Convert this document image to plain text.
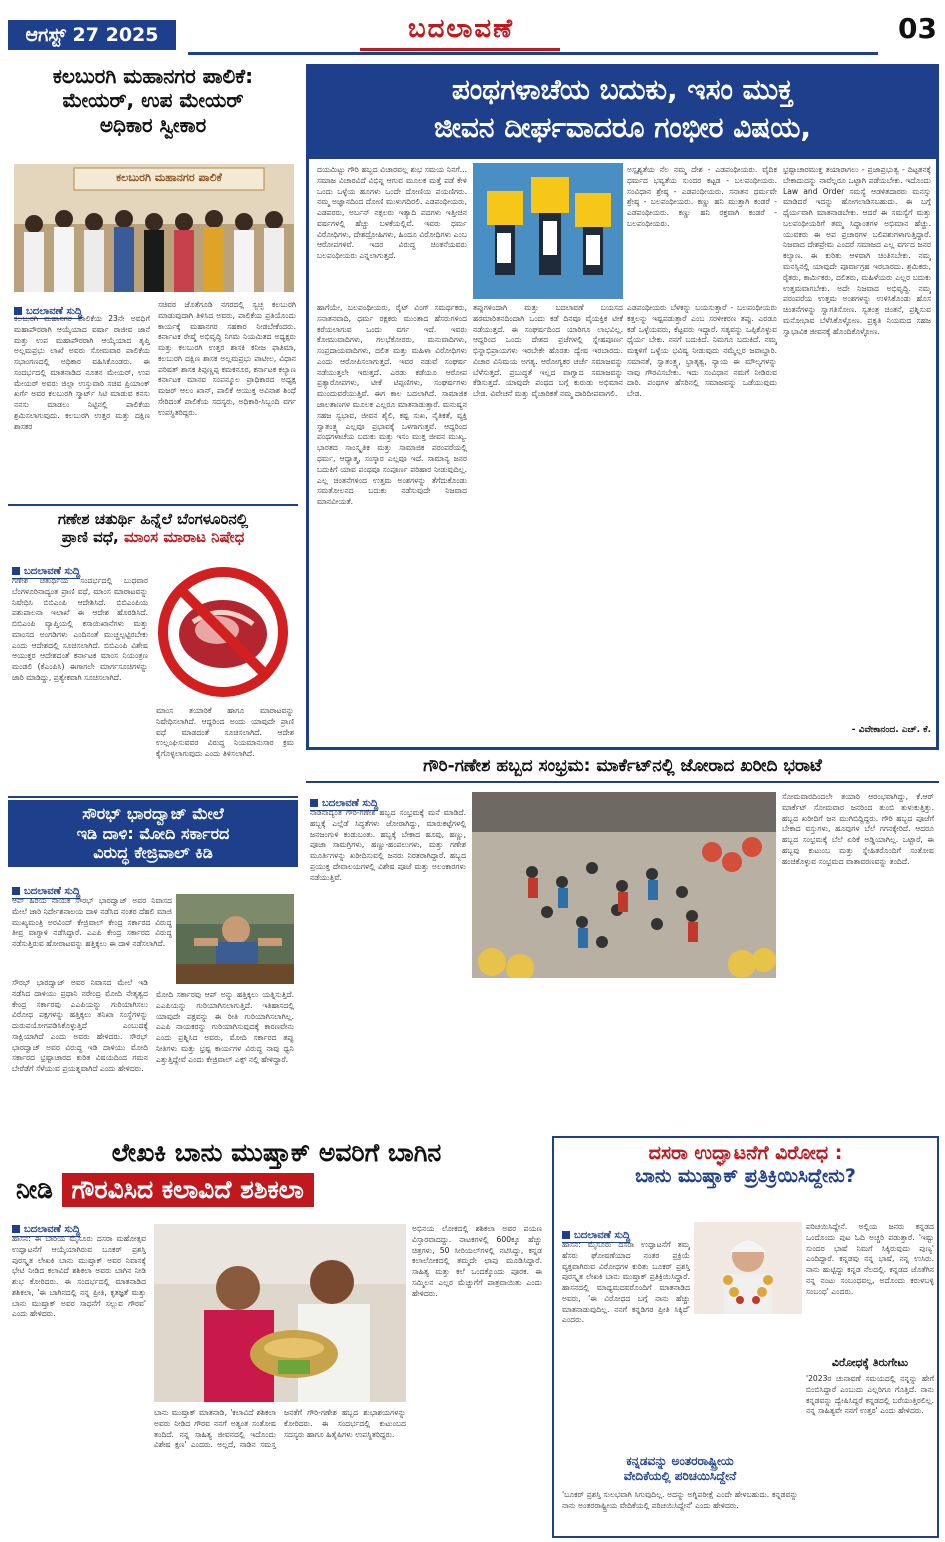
ಆಗಸ್ಟ್ 27 2025	ಬದಲಾವಣೆ	03
ಕಲಬುರಗಿ ಮಹಾನಗರ ಪಾಲಿಕೆ:
ಮೇಯರ್, ಉಪ ಮೇಯರ್
ಅಧಿಕಾರ ಸ್ವೀಕಾರ
ಕಲಬುರಗಿ ಮಹಾನಗರ ಪಾಲಿಕೆ
ಬದಲಾವಣೆ ಸುದ್ದಿ
ಕಲಬುರಗಿ ಮಹಾನಗರ ಪಾಲಿಕೆಯ 23ನೇ ಅವಧಿಗೆ ಮಹಾಪೌರರಾಗಿ ಆಯ್ಕೆಯಾದ ವರ್ಷಾ ರಾಜೀವ ಜಾನೆ ಮತ್ತು ಉಪ ಮಹಾಪೌರರಾಗಿ ಆಯ್ಕೆಯಾದ ತೃಪ್ತಿ ಅಲ್ಲಮಪ್ರಭು ಲಾಖೆ ಅವರು ಸೋಮವಾರ ಪಾಲಿಕೆಯ ಸಭಾಂಗಣದಲ್ಲಿ ಅಧಿಕಾರ ವಹಿಸಿಕೊಂಡರು. ಈ ಸಂದರ್ಭದಲ್ಲಿ ಮಾತನಾಡಿದ ನೂತನ ಮೇಯರ್, ಉಪ ಮೇಯರ್ ಅವರು ಜಿಲ್ಲಾ ಉಸ್ತುವಾರಿ ಸಚಿವ ಪ್ರಿಯಾಂಕ್ ಖರ್ಗೆ ಅವರ ಕಲಬುರಗಿ ಸ್ಮಾರ್ಟ್ ಸಿಟಿ ಮಾಡುವ ಕನಸು ನನಸು ಮಾಡಲು ನಿಟ್ಟಿನಲ್ಲಿ ಪಾಲಿಕೆಯ ಶ್ರಮಿಸಲಾಗುವುದು. ಕಲಬುರಗಿ ಉತ್ತರ ಮತ್ತು ದಕ್ಷಿಣ ಶಾಸಕರ
ಸಚಿವರ ಜೊತೆಗೂಡಿ ನಗರದಲ್ಲಿ ಸ್ವಚ್ಛ ಕಲಬುರಗಿ ಮಾಡುವುದಾಗಿ ತಿಳಿಸಿದ ಅವರು, ಪಾಲಿಕೆಯ ಪ್ರತಿಯೊಂದು ಕಾರ್ಯಕ್ಕೆ ಮಹಾನಗರ ಸಹಕಾರ ನೀಡಬೇಕೆಂದರು. ಕರ್ನಾಟಕ ರೇಷ್ಮೆ ಅಭಿವೃದ್ಧಿ ನಿಗಮ ನಿಯಮಿತದ ಅಧ್ಯಕ್ಷರು ಮತ್ತು ಕಲಬುರಗಿ ಉತ್ತರ ಶಾಸಕಿ ಕನೀಜ ಫಾತಿಮಾ, ಕಲಬುರಗಿ ದಕ್ಷಿಣ ಶಾಸಕ ಅಲ್ಲಮಪ್ರಭು ಪಾಟೀಲ, ವಿಧಾನ ಪರಿಷತ್ ಶಾಸಕ ತಿಪ್ಪಣ್ಣಪ್ಪ ಕಮಕನೂರ, ಕರ್ನಾಟಕ ಕಲ್ಯಾಣ ಕರ್ನಾಟಕ ಮಾನವ ಸಂಪನ್ಮೂಲ ಪ್ರಾಧಿಕಾರದ ಅಧ್ಯಕ್ಷ ಮಜರ್ ಆಲಂ ಖಾನ್, ಪಾಲಿಕೆ ಆಯುಕ್ತ ಅವಿನಾಶ ಶಿಂಧೆ ಸೇರಿದಂತೆ ಪಾಲಿಕೆಯ ಸದಸ್ಯರು, ಅಧಿಕಾರಿ-ಸಿಬ್ಬಂದಿ ವರ್ಗ ಉಪಸ್ಥಿತರಿದ್ದರು.
ಗಣೇಶ ಚತುರ್ಥಿ ಹಿನ್ನೆಲೆ ಬೆಂಗಳೂರಿನಲ್ಲಿ
ಪ್ರಾಣಿ ವಧೆ, ಮಾಂಸ ಮಾರಾಟ ನಿಷೇಧ
ಬದಲಾವಣೆ ಸುದ್ದಿ
ಗಣೇಶ ಚತುರ್ಥಿಯ ಸಂದರ್ಭದಲ್ಲಿ ಬುಧವಾರ ಬೆಂಗಳೂರಿನಾದ್ಯಂತ ಪ್ರಾಣಿ ವಧೆ, ಮಾಂಸ ಮಾರಾಟವನ್ನು ನಿಷೇಧಿಸಿ ಬಿಬಿಎಂಪಿ ಆದೇಶಿಸಿದೆ. ಬಿಬಿಎಂಪಿಯ ಪಶುಪಾಲನಾ ಇಲಾಖೆ ಈ ಆದೇಶ ಹೊರಡಿಸಿದೆ. ಬಿಬಿಎಂಪಿ ವ್ಯಾಪ್ತಿಯಲ್ಲಿ ಕಸಾಯಿಖಾನೆಗಳು ಮತ್ತು ಮಾಂಸದ ಅಂಗಡಿಗಳು ಎಂದಿನಂತೆ ಮುಚ್ಚಲ್ಪಟ್ಟಿರಬೇಕು ಎಂದು ಆದೇಶದಲ್ಲಿ ಸೂಚಿಸಲಾಗಿದೆ. ಬಿಬಿಎಂಪಿ ವಿಶೇಷ ಆಯುಕ್ತರ ಆದೇಶದಂತೆ ಕರ್ನಾಟಕ ಮಾಂಸ ನಿಯಂತ್ರಣ ಮಂಡಲಿ (ಕೆಎಂಪಿಸಿ) ಈಗಾಗಲೇ ಮಾರ್ಗಸೂಚಿಗಳನ್ನು ಜಾರಿ ಮಾಡಿದ್ದು, ಪ್ರತ್ಯೇಕವಾಗಿ ಸೂಚಿಸಲಾಗಿದೆ.
ಮಾಂಸ ತಯಾರಿಕೆ ಹಾಗೂ ಮಾರಾಟವನ್ನು ನಿಷೇಧಿಸಲಾಗಿದೆ. ಆದ್ದರಿಂದ ಅಂದು ಯಾವುದೇ ಪ್ರಾಣಿ ವಧೆ ಮಾಡದಂತೆ ಸೂಚಿಸಲಾಗಿದೆ. ಆದೇಶ ಉಲ್ಲಂಘಿಸುವವರ ವಿರುದ್ಧ ನಿಯಮಾನುಸಾರ ಕ್ರಮ ಕೈಗೊಳ್ಳಲಾಗುವುದು ಎಂದು ತಿಳಿಸಲಾಗಿದೆ.
ಸೌರಭ್ ಭಾರದ್ವಾಜ್ ಮೇಲೆ
ಇಡಿ ದಾಳಿ: ಮೋದಿ ಸರ್ಕಾರದ
ವಿರುದ್ಧ ಕೇಜ್ರಿವಾಲ್ ಕಿಡಿ
ಬದಲಾವಣೆ ಸುದ್ದಿ
ಆಪ್ ಹಿರಿಯ ನಾಯಕ ಸೌರಭ್ ಭಾರದ್ವಾಜ್ ಅವರ ನಿವಾಸದ ಮೇಲೆ ಜಾರಿ ನಿರ್ದೇಶನಾಲಯ ದಾಳಿ ನಡೆಸಿದ ನಂತರ ದೆಹಲಿ ಮಾಜಿ ಮುಖ್ಯಮಂತ್ರಿ ಅರವಿಂದ್ ಕೇಜ್ರಿವಾಲ್ ಕೇಂದ್ರ ಸರ್ಕಾರದ ವಿರುದ್ಧ ತೀವ್ರ ವಾಗ್ದಾಳಿ ನಡೆಸಿದ್ದಾರೆ. ಎಎಪಿ ಕೇಂದ್ರ ಸರ್ಕಾರದ ವಿರುದ್ಧ ನಡೆಸುತ್ತಿರುವ ಹೋರಾಟವನ್ನು ಹತ್ತಿಕ್ಕಲು ಈ ದಾಳಿ ನಡೆಸಲಾಗಿದೆ.
ಸೌರಭ್ ಭಾರದ್ವಾಜ್ ಅವರ ನಿವಾಸದ ಮೇಲೆ ಇಡಿ ನಡೆಸಿದ ದಾಳಿಯು ಪ್ರಧಾನಿ ನರೇಂದ್ರ ಮೋದಿ ನೇತೃತ್ವದ ಕೇಂದ್ರ ಸರ್ಕಾರವು ಎಎಪಿಯನ್ನು ಗುರಿಯಾಗಿಸಲು ವಿರೋಧ ಪಕ್ಷಗಳನ್ನು ಹತ್ತಿಕ್ಕಲು ತನಿಖಾ ಸಂಸ್ಥೆಗಳನ್ನು ದುರುಪಯೋಗಪಡಿಸಿಕೊಳ್ಳುತ್ತಿದೆ ಎಂಬುದಕ್ಕೆ ಸಾಕ್ಷಿಯಾಗಿದೆ ಎಂದು ಅವರು ಹೇಳಿದರು. ಸೌರಭ್ ಭಾರದ್ವಾಜ್ ಅವರ ವಿರುದ್ಧ ಇಡಿ ದಾಳಿಯು ಮೋದಿ ಸರ್ಕಾರದ ಭ್ರಷ್ಟಾಚಾರದ ಕುರಿತ ವಿಷಯದಿಂದ ಗಮನ ಬೇರೆಡೆಗೆ ಸೆಳೆಯುವ ಪ್ರಯತ್ನವಾಗಿದೆ ಎಂದು ಹೇಳಿದರು.
ಮೋದಿ ಸರ್ಕಾರವು ಆಪ್ ಅನ್ನು ಹತ್ತಿಕ್ಕಲು ಯತ್ನಿಸುತ್ತಿದೆ. ಎಎಪಿಯನ್ನು ಗುರಿಯಾಗಿಸಲಾಗುತ್ತಿದೆ. ಇತಿಹಾಸದಲ್ಲಿ ಯಾವುದೇ ಪಕ್ಷವನ್ನು ಈ ರೀತಿ ಗುರಿಯಾಗಿಸಲಾಗಿಲ್ಲ. ಎಎಪಿ ನಾಯಕರನ್ನು ಗುರಿಯಾಗಿಸುವುದಕ್ಕೆ ಕಾರಣವೇನು ಎಂದು ಪ್ರಶ್ನಿಸಿದ ಅವರು, ಮೋದಿ ಸರ್ಕಾರದ ತಪ್ಪು ನೀತಿಗಳು ಮತ್ತು ಭ್ರಷ್ಟ ಕಾರ್ಯಗಳ ವಿರುದ್ಧ ನಾವು ಧ್ವನಿ ಎತ್ತುತ್ತಿದ್ದೇವೆ ಎಂದು ಕೇಜ್ರಿವಾಲ್ ಎಕ್ಸ್ ನಲ್ಲಿ ಹೇಳಿದ್ದಾರೆ.
ಪಂಥಗಳಾಚೆಯ ಬದುಕು, ಇಸಂ ಮುಕ್ತ
ಜೀವನ ದೀರ್ಘವಾದರೂ ಗಂಭೀರ ವಿಷಯ,
ದಯಮಿಟ್ಟು ಗೌರಿ ಹಬ್ಬದ ವಿಚಾರವಲ್ಲ ಶುಭ ಸಮಯ ನಿನಗೆ... ಸಮಾಜ ವಿಚಾರವಿದೆ ವಿಭಿನ್ನ ಆಗುವ ಮೂಲಕ ಮತ್ತೆ ಪಡೆ ಕೇಳಿ ಒಂದು ಒಳ್ಳೆಯ ಹೂಗಳು ಒಂದೇ ದೋಣಿಯ ಪಯಣಿಗರು. ನಮ್ಮ ಅಜ್ಞಾನದಿಂದ ದೋಣಿ ಮುಳುಗದಿರಲಿ. ಎಡಪಂಥೀಯರು, ಎಡಪರರು, ಅರ್ಬನ್ ನಕ್ಸಲರು ಇತ್ಯಾದಿ ಪದಗಳು ಇತ್ತೀಚಿನ ವರ್ಷಗಳಲ್ಲಿ ಹೆಚ್ಚು ಬಳಕೆಯಲ್ಲಿವೆ. ಇವರು ಧರ್ಮ ವಿರೋಧಿಗಳು, ದೇಶದ್ರೋಹಿಗಳು, ಹಿಂದೂ ವಿರೋಧಿಗಳು ಎಂಬ ಆರೋಪಗಳಿವೆ. ಇದರ ವಿರುದ್ಧ ಚಿಂತನೆಯವರು ಬಲಪಂಥೀಯರು ಎನ್ನಲಾಗುತ್ತದೆ.
ಹಾಗೆಯೇ, ಬಲಪಂಥೀಯರು, ರೈಟ್ ವಿಂಗ್ ಸಮರ್ಥಕರು, ಸನಾತನವಾದಿ, ಧರ್ಮ ರಕ್ಷಕರು ಮುಂತಾದ ಹೆಸರುಗಳಿಂದ ಕರೆಯಲಾಗುವ ಒಂದು ವರ್ಗ ಇದೆ. ಇವರು ಕೋಮುವಾದಿಗಳು, ಗಲಭೆಕೋರರು, ಮನುವಾದಿಗಳು, ಸಂಪ್ರದಾಯವಾದಿಗಳು, ದಲಿತ ಮತ್ತು ಮಹಿಳಾ ವಿರೋಧಿಗಳು ಎಂದು ಆರೋಪಿಸಲಾಗುತ್ತದೆ. ಇವರ ನಡುವೆ ಸಂಘರ್ಷ ನಡೆಯುತ್ತಲೇ ಇರುತ್ತದೆ. ಎರಡು ಕಡೆಯೂ ಆರೋಪ ಪ್ರತ್ಯಾರೋಪಗಳು, ಟೀಕೆ ಟಿಪ್ಪಣಿಗಳು, ಸಂಘರ್ಷಗಳು ಮುಂದುವರೆಯುತ್ತಿವೆ. ಈಗ ಕಾಲ ಬದಲಾಗಿದೆ. ಸಾಮಾಜಿಕ ಜಾಲತಾಣಗಳ ಮೂಲಕ ಎಲ್ಲರೂ ಮಾತನಾಡುತ್ತಾರೆ. ಮನುಷ್ಯನ ಸಹಜ ಸ್ವಭಾವ, ಜೀವನ ಶೈಲಿ, ಕಷ್ಟ ಸುಖ, ನೈತಿಕತೆ, ವ್ಯಕ್ತಿ ಸ್ವಾತಂತ್ರ್ಯ ಎಲ್ಲವೂ ಪ್ರಭಾವಕ್ಕೆ ಒಳಗಾಗುತ್ತವೆ. ಆದ್ದರಿಂದ ಪಂಥಗಳಾಚೆಯ ಬದುಕು ಮತ್ತು ಇಸಂ ಮುಕ್ತ ಜೀವನ ಮುಖ್ಯ. ಭಾರತದ ಸಾಂಸ್ಕೃತಿಕ ಮತ್ತು ಸಾಮಾಜಿಕ ಪರಂಪರೆಯಲ್ಲಿ ಧರ್ಮ, ಆಧ್ಯಾತ್ಮ, ಸಂಸ್ಕಾರ ಎಲ್ಲವೂ ಇದೆ. ಸಾಮಾನ್ಯ ಜನರ ಬದುಕಿಗೆ ಯಾವ ಪಂಥವೂ ಸಂಪೂರ್ಣ ಪರಿಹಾರ ನೀಡುವುದಿಲ್ಲ. ಎಲ್ಲ ಚಿಂತನೆಗಳಿಂದ ಉತ್ತಮ ಅಂಶಗಳನ್ನು ತೆಗೆದುಕೊಂಡು ಸಮತೋಲನದ ಬದುಕು ನಡೆಸುವುದೇ ನಿಜವಾದ ಮಾನವೀಯತೆ.
ಅಸ್ಪೃಶ್ಯತೆಯ ನೆಲ ನಮ್ಮ ದೇಶ - ಎಡಪಂಥೀಯರು. ವೈದಿಕ ಧರ್ಮದ ಭವ್ಯತೆಯ ಸುಂದರ ಕಟ್ಟಡ - ಬಲಪಂಥೀಯರು. ಸಂವಿಧಾನ ಶ್ರೇಷ್ಠ - ಎಡಪಂಥೀಯರು. ಸನಾತನ ಧರ್ಮವೇ ಶ್ರೇಷ್ಠ - ಬಲಪಂಥೀಯರು. ಕಣ್ಣು ಹನಿ ಮುತ್ತಾಗಿ ಕಂಡರೆ - ಎಡಪಂಥೀಯರು. ಕಣ್ಣು ಹನಿ ರಕ್ತವಾಗಿ ಕಂಡರೆ - ಬಲಪಂಥೀಯರು.
ತಪ್ಪುಗಳಿಂದಾಗಿ ಮತ್ತು ಬದಲಾವಣೆ ಬಯಸದ ಹಠಮಾರಿತನದಿಂದಾಗಿ ಒಂದು ಕಡೆ ದಿನವೂ ವೈಯಕ್ತಿಕ ಟೀಕೆ ನಡೆಯುತ್ತದೆ. ಈ ಸಂಘರ್ಷದಿಂದ ಯಾರಿಗೂ ಲಾಭವಿಲ್ಲ. ಆದ್ದರಿಂದ ಒಂದು ದೇಶದ ಪ್ರಜೆಗಳಲ್ಲಿ ಸ್ನೇಹಪೂರ್ಣ ಭಿನ್ನಾಭಿಪ್ರಾಯಗಳು ಇರಬೇಕೇ ಹೊರತು ದ್ವೇಷ ಇರಬಾರದು. ವಿಚಾರ ವಿನಿಮಯ ಅಗತ್ಯ. ಆರೋಗ್ಯಕರ ಚರ್ಚೆ ಸಮಾಜವನ್ನು ಬೆಳೆಸುತ್ತದೆ. ಪ್ರಬುದ್ಧತೆ ಇಲ್ಲದ ವಾಗ್ವಾದ ಸಮಾಜವನ್ನು ಕೆಡಿಸುತ್ತದೆ. ಯಾವುದೇ ಪಂಥದ ಬಗ್ಗೆ ಕುರುಡು ಅಭಿಮಾನ ಬೇಡ. ವಿವೇಚನೆ ಮತ್ತು ವೈಚಾರಿಕತೆ ನಮ್ಮ ದಾರಿದೀಪವಾಗಲಿ.
ಎಡಪಂಥೀಯರು ಬೆಳಕನ್ನು ಬಯಸುತ್ತಾರೆ - ಬಲಪಂಥೀಯರು ಕತ್ತಲನ್ನು ಇಷ್ಟಪಡುತ್ತಾರೆ ಎಂಬ ಸರಳೀಕರಣ ತಪ್ಪು. ಎರಡೂ ಕಡೆ ಒಳ್ಳೆಯವರು, ಕೆಟ್ಟವರು ಇದ್ದಾರೆ. ಸತ್ಯವನ್ನು ಒಪ್ಪಿಕೊಳ್ಳುವ ಧೈರ್ಯ ಬೇಕು. ನನಗೆ ಬದುಕಿದೆ. ನಿಮಗೂ ಬದುಕಿದೆ. ನಮ್ಮ ಮಕ್ಕಳಿಗೆ ಒಳ್ಳೆಯ ಭವಿಷ್ಯ ನೀಡುವುದು ನಮ್ಮೆಲ್ಲರ ಜವಾಬ್ದಾರಿ. ಸಮಾನತೆ, ಸ್ವಾತಂತ್ರ್ಯ, ಭ್ರಾತೃತ್ವ, ನ್ಯಾಯ ಈ ಮೌಲ್ಯಗಳನ್ನು ನಾವು ಗೌರವಿಸಬೇಕು. ಇದು ಸಂವಿಧಾನ ನಮಗೆ ನೀಡಿರುವ ದಾರಿ. ಪಂಥಗಳ ಹೆಸರಿನಲ್ಲಿ ಸಮಾಜವನ್ನು ಒಡೆಯುವುದು ಬೇಡ.
ಭ್ರಷ್ಟಾಚಾರಮುಕ್ತ ತಯಾರಾಗಲು - ಪ್ರಜಾಪ್ರಭುತ್ವ - ದಿಟ್ಟತನಕ್ಕೆ ಬೇಕಾದುದನ್ನು ನಾವೆಲ್ಲರೂ ಒಟ್ಟಾಗಿ ಪಡೆಯಬೇಕು. ಇದೊಂದು Law and Order ಸಮಸ್ಯೆ ಆಡಳಿತದಾರರು ಮನಸ್ಸು ಮಾಡಿದರೆ ಇದನ್ನು ಹೋಗಲಾಡಿಸಬಹುದು. ಈ ಬಗ್ಗೆ ಧೈರ್ಯವಾಗಿ ಮಾತನಾಡಬೇಕು. ಆದರೆ ಈ ಸಮಸ್ಯೆಗೆ ಮತ್ತು ಬಲಪಂಥೀಯರಿಗೆ ತಮ್ಮ ಸಿದ್ಧಾಂತಗಳ ಅಭಿಮಾನ ಹೆಚ್ಚು. ಯುವಕರು ಈ ಅಪ ಪ್ರಚಾರಗಳ ಬಲಿಪಶುಗಳಾಗುತ್ತಿದ್ದಾರೆ. ನಿಜವಾದ ದೇಶಪ್ರೇಮ ಎಂದರೆ ಸಮಾಜದ ಎಲ್ಲ ವರ್ಗದ ಜನರ ಕಲ್ಯಾಣ. ಈ ಕುರಿತು ಆಳವಾಗಿ ಚಿಂತಿಸಬೇಕು. ನಮ್ಮ ಮನಸ್ಸಿನಲ್ಲಿ ಯಾವುದೇ ಪೂರ್ವಾಗ್ರಹ ಇರಬಾರದು. ಶ್ರಮಿಕರು, ರೈತರು, ಕಾರ್ಮಿಕರು, ದಲಿತರು, ಮಹಿಳೆಯರು ಎಲ್ಲರ ಬದುಕು ಉತ್ತಮವಾಗಬೇಕು. ಅದೇ ನಿಜವಾದ ಅಭಿವೃದ್ಧಿ. ನಮ್ಮ ಪರಂಪರೆಯ ಉತ್ತಮ ಅಂಶಗಳನ್ನು ಉಳಿಸಿಕೊಂಡು ಹೊಸ ಚಿಂತನೆಗಳನ್ನು ಸ್ವಾಗತಿಸೋಣ. ಸ್ವತಂತ್ರ ಚಿಂತನೆ, ಪ್ರಶ್ನಿಸುವ ಮನೋಭಾವ ಬೆಳೆಸಿಕೊಳ್ಳೋಣ. ಪ್ರಕೃತಿ ನಿಯಮದ ಸಹಜ ಸ್ವಾಭಾವಿಕ ಜೀವನಕ್ಕೆ ಹೊಂದಿಕೊಳ್ಳೋಣ.
- ವಿವೇಕಾನಂದ. ಎಚ್. ಕೆ.
ಗೌರಿ-ಗಣೇಶ ಹಬ್ಬದ ಸಂಭ್ರಮ: ಮಾರ್ಕೆಟ್‌ನಲ್ಲಿ ಜೋರಾದ ಖರೀದಿ ಭರಾಟೆ
ಬದಲಾವಣೆ ಸುದ್ದಿ
ನಾಡಿನಾದ್ಯಂತ ಗೌರಿ-ಗಣೇಶ ಹಬ್ಬದ ಸಂಭ್ರಮಕ್ಕೆ ಮನೆ ಮಾಡಿದೆ. ಹಬ್ಬಕ್ಕೆ ಎಲ್ಲೆಡೆ ಸಿದ್ಧತೆಗಳು ಜೋರಾಗಿದ್ದು, ಮಾರುಕಟ್ಟೆಗಳಲ್ಲಿ ಜನಜಂಗುಳಿ ಕಂಡುಬಂತು. ಹಬ್ಬಕ್ಕೆ ಬೇಕಾದ ಹೂವು, ಹಣ್ಣು, ಪೂಜಾ ಸಾಮಗ್ರಿಗಳು, ಹಣ್ಣು-ಹಂಪಲುಗಳು, ಮತ್ತು ಗಣೇಶ ಮೂರ್ತಿಗಳನ್ನು ಖರೀದಿಸುವಲ್ಲಿ ಜನರು ನಿರತರಾಗಿದ್ದಾರೆ. ಹಬ್ಬದ ಪ್ರಯುಕ್ತ ದೇವಾಲಯಗಳಲ್ಲಿ ವಿಶೇಷ ಪೂಜೆ ಮತ್ತು ಅಲಂಕಾರಗಳು ನಡೆಯುತ್ತಿವೆ.
ಸೋಮವಾರದಿಂದಲೇ ತಯಾರಿ ಆರಂಭವಾಗಿದ್ದು, ಕೆ.ಆರ್ ಮಾರ್ಕೆಟ್ ಸೋಮವಾರ ಜನರಿಂದ ತುಂಬಿ ತುಳುಕುತ್ತಿತ್ತು. ಹಬ್ಬದ ಖರೀದಿಗೆ ಜನ ಮುಗಿಬಿದ್ದಿದ್ದರು. ಗೌರಿ ಹಬ್ಬದ ಪೂಜೆಗೆ ಬೇಕಾದ ವಸ್ತುಗಳು, ಹೂವುಗಳ ಬೆಲೆ ಗಗನಕ್ಕೇರಿದೆ. ಆದರೂ ಹಬ್ಬದ ಸಂಭ್ರಮಕ್ಕೆ ಬೆಲೆ ಏರಿಕೆ ಅಡ್ಡಿಯಾಗಿಲ್ಲ. ಒಟ್ಟಾರೆ, ಈ ಹಬ್ಬವು ಕುಟುಂಬ ಮತ್ತು ಸ್ನೇಹಿತರೊಂದಿಗೆ ಸಂತೋಷ ಹಂಚಿಕೊಳ್ಳುವ ಸಂಭ್ರಮದ ವಾತಾವರಣವನ್ನು ತಂದಿದೆ.
ಲೇಖಕಿ ಬಾನು ಮುಷ್ತಾಕ್ ಅವರಿಗೆ ಬಾಗಿನ
ನೀಡಿ ಗೌರವಿಸಿದ ಕಲಾವಿದೆ ಶಶಿಕಲಾ
ಬದಲಾವಣೆ ಸುದ್ದಿ
ಹಾಸನ: ಈ ಬಾರಿಯ ಮೈಸೂರು ದಸರಾ ಮಹೋತ್ಸವ ಉದ್ಘಾಟನೆಗೆ ಆಯ್ಕೆಯಾಗಿರುವ ಬೂಕರ್ ಪ್ರಶಸ್ತಿ ಪುರಸ್ಕೃತ ಲೇಖಕಿ ಬಾನು ಮುಷ್ತಾಕ್ ಅವರ ನಿವಾಸಕ್ಕೆ ಭೇಟಿ ನೀಡಿದ ಕಲಾವಿದೆ ಶಶಿಕಲಾ ಅವರು ಬಾಗಿನ ನೀಡಿ ಶುಭ ಕೋರಿದರು. ಈ ಸಂದರ್ಭದಲ್ಲಿ ಮಾತನಾಡಿದ ಶಶಿಕಲಾ, 'ಈ ಬಾಗಿನದಲ್ಲಿ ನನ್ನ ಪ್ರೀತಿ, ಕೃತಜ್ಞತೆ ಮತ್ತು ಬಾನು ಮುಷ್ತಾಕ್ ಅವರ ಸಾಧನೆಗೆ ಸಲ್ಲುವ ಗೌರವ' ಎಂದು ಹೇಳಿದರು.
ಬಾನು ಮುಷ್ತಾಕ್ ಮಾತನಾಡಿ, 'ಕಲಾವಿದೆ ಶಶಿಕಲಾ ಅವರು ನೀಡಿದ ಗೌರವ ನನಗೆ ಅತ್ಯಂತ ಸಂತೋಷ ತಂದಿದೆ. ನನ್ನ ಸಾಹಿತ್ಯ ಜೀವನದಲ್ಲಿ ಇದೊಂದು ವಿಶೇಷ ಕ್ಷಣ' ಎಂದರು. ಅಲ್ಲದೆ, ನಾಡಿನ ಸಮಸ್ತ ಜನತೆಗೆ ಗೌರಿ-ಗಣೇಶ ಹಬ್ಬದ ಶುಭಾಶಯಗಳನ್ನು ಕೋರಿದರು. ಈ ಸಂದರ್ಭದಲ್ಲಿ ಕುಟುಂಬದ ಸದಸ್ಯರು ಹಾಗೂ ಹಿತೈಷಿಗಳು ಉಪಸ್ಥಿತರಿದ್ದರು.
ಅಭಿನಯ ಲೋಕದಲ್ಲಿ ಶಶಿಕಲಾ ಅವರ ಪಯಣ ವಿಸ್ತಾರವಾದದ್ದು. ನಾಟಕಗಳಲ್ಲಿ 600ಕ್ಕೂ ಹೆಚ್ಚು ಚಿತ್ರಗಳು, 50 ಸೀರಿಯಲ್‌ಗಳಲ್ಲಿ ನಟಿಸಿದ್ದು, ಕನ್ನಡ ಕಲಾಲೋಕದಲ್ಲಿ ತಮ್ಮದೇ ಛಾಪು ಮೂಡಿಸಿದ್ದಾರೆ. ಸಾಹಿತ್ಯ ಮತ್ತು ಕಲೆ ಒಂದಕ್ಕೊಂದು ಪೂರಕ. ಈ ಸಮ್ಮಿಲನ ಎಲ್ಲರ ಮೆಚ್ಚುಗೆಗೆ ಪಾತ್ರವಾಯಿತು ಎಂದು ಹೇಳಿದರು.
ದಸರಾ ಉದ್ಘಾಟನೆಗೆ ವಿರೋಧ :
ಬಾನು ಮುಷ್ತಾಕ್ ಪ್ರತಿಕ್ರಿಯಿಸಿದ್ದೇನು?
ಬದಲಾವಣೆ ಸುದ್ದಿ
ಹಾಸನ: ಮೈಸೂರು ದಸರಾ ಉದ್ಘಾಟನೆಗೆ ತಮ್ಮ ಹೆಸರು ಘೋಷಣೆಯಾದ ನಂತರ ಪ್ರಕ್ರಿಯೆ ವ್ಯಕ್ತವಾಗಿರುವ ವಿರೋಧಗಳ ಕುರಿತು ಬೂಕರ್ ಪ್ರಶಸ್ತಿ ಪುರಸ್ಕೃತ ಲೇಖಕಿ ಬಾನು ಮುಷ್ತಾಕ್ ಪ್ರತಿಕ್ರಿಯಿಸಿದ್ದಾರೆ. ಹಾಸನದಲ್ಲಿ ಮಾಧ್ಯಮದವರೊಂದಿಗೆ ಮಾತನಾಡಿದ ಅವರು, 'ಈ ವಿರೋಧದ ಬಗ್ಗೆ ನಾನು ಹೆಚ್ಚು ಮಾತನಾಡುವುದಿಲ್ಲ. ನನಗೆ ಕನ್ನಡಿಗರ ಪ್ರೀತಿ ಸಿಕ್ಕಿದೆ' ಎಂದರು.
ಪರಿಚಯಿಸಿದ್ದೇನೆ. ಅಲ್ಲಿಯ ಜನರು ಕನ್ನಡದ ಒಂದೊಂದು ಪುಟ ಓದಿ ಅಚ್ಚರಿ ಪಡುತ್ತಾರೆ. 'ಇಷ್ಟು ಸುಂದರ ಭಾಷೆ ನಿಮಗೆ ಸಿಕ್ಕಿರುವುದು ಪುಣ್ಯ' ಎಂದಿದ್ದಾರೆ. ಕನ್ನಡವು ನನ್ನ ಭಾಷೆ, ನನ್ನ ಉಸಿರು. ನಾನು ಹುಟ್ಟಿದ್ದು ಕನ್ನಡ ನೆಲದಲ್ಲಿ. ಕನ್ನಡದ ಜೊತೆಗಿನ ನನ್ನ ನಂಟು ಸಂಬಂಧವಲ್ಲ, ಅದೊಂದು ಕರುಳಬಳ್ಳಿ ಸಂಬಂಧ' ಎಂದರು.
ಕನ್ನಡವನ್ನು ಅಂತರರಾಷ್ಟ್ರೀಯ
ವೇದಿಕೆಯಲ್ಲಿ ಪರಿಚಯಿಸಿದ್ದೇನೆ
'ಬೂಕರ್ ಪ್ರಶಸ್ತಿ ಸುಲಭವಾಗಿ ಸಿಗುವುದಿಲ್ಲ. ಅದನ್ನು ಅಗ್ನಿಪರೀಕ್ಷೆ ಎಂದೇ ಹೇಳಬಹುದು. ಕನ್ನಡವನ್ನು ನಾನು ಅಂತರರಾಷ್ಟ್ರೀಯ ವೇದಿಕೆಯಲ್ಲಿ ಪರಿಚಯಿಸಿದ್ದೇನೆ' ಎಂದು ಹೇಳಿದರು.
ವಿರೋಧಕ್ಕೆ ತಿರುಗೇಟು
'2023ರ ಚುನಾವಣೆ ಸಮಯದಲ್ಲಿ ನನ್ನನ್ನು ಹೇಗೆ ಬಿಂಬಿಸಿದ್ದಾರೆ ಎಂಬುದು ಎಲ್ಲರಿಗೂ ಗೊತ್ತಿದೆ. ನಾನು ಕನ್ನಡವನ್ನು ದ್ವೇಷಿಸಿದ್ದರೆ ಕನ್ನಡದಲ್ಲಿ ಬರೆಯುತ್ತಿರಲಿಲ್ಲ. ನನ್ನ ಸಾಹಿತ್ಯವೇ ನನಗೆ ಉತ್ತರ' ಎಂದು ಹೇಳಿದರು.
